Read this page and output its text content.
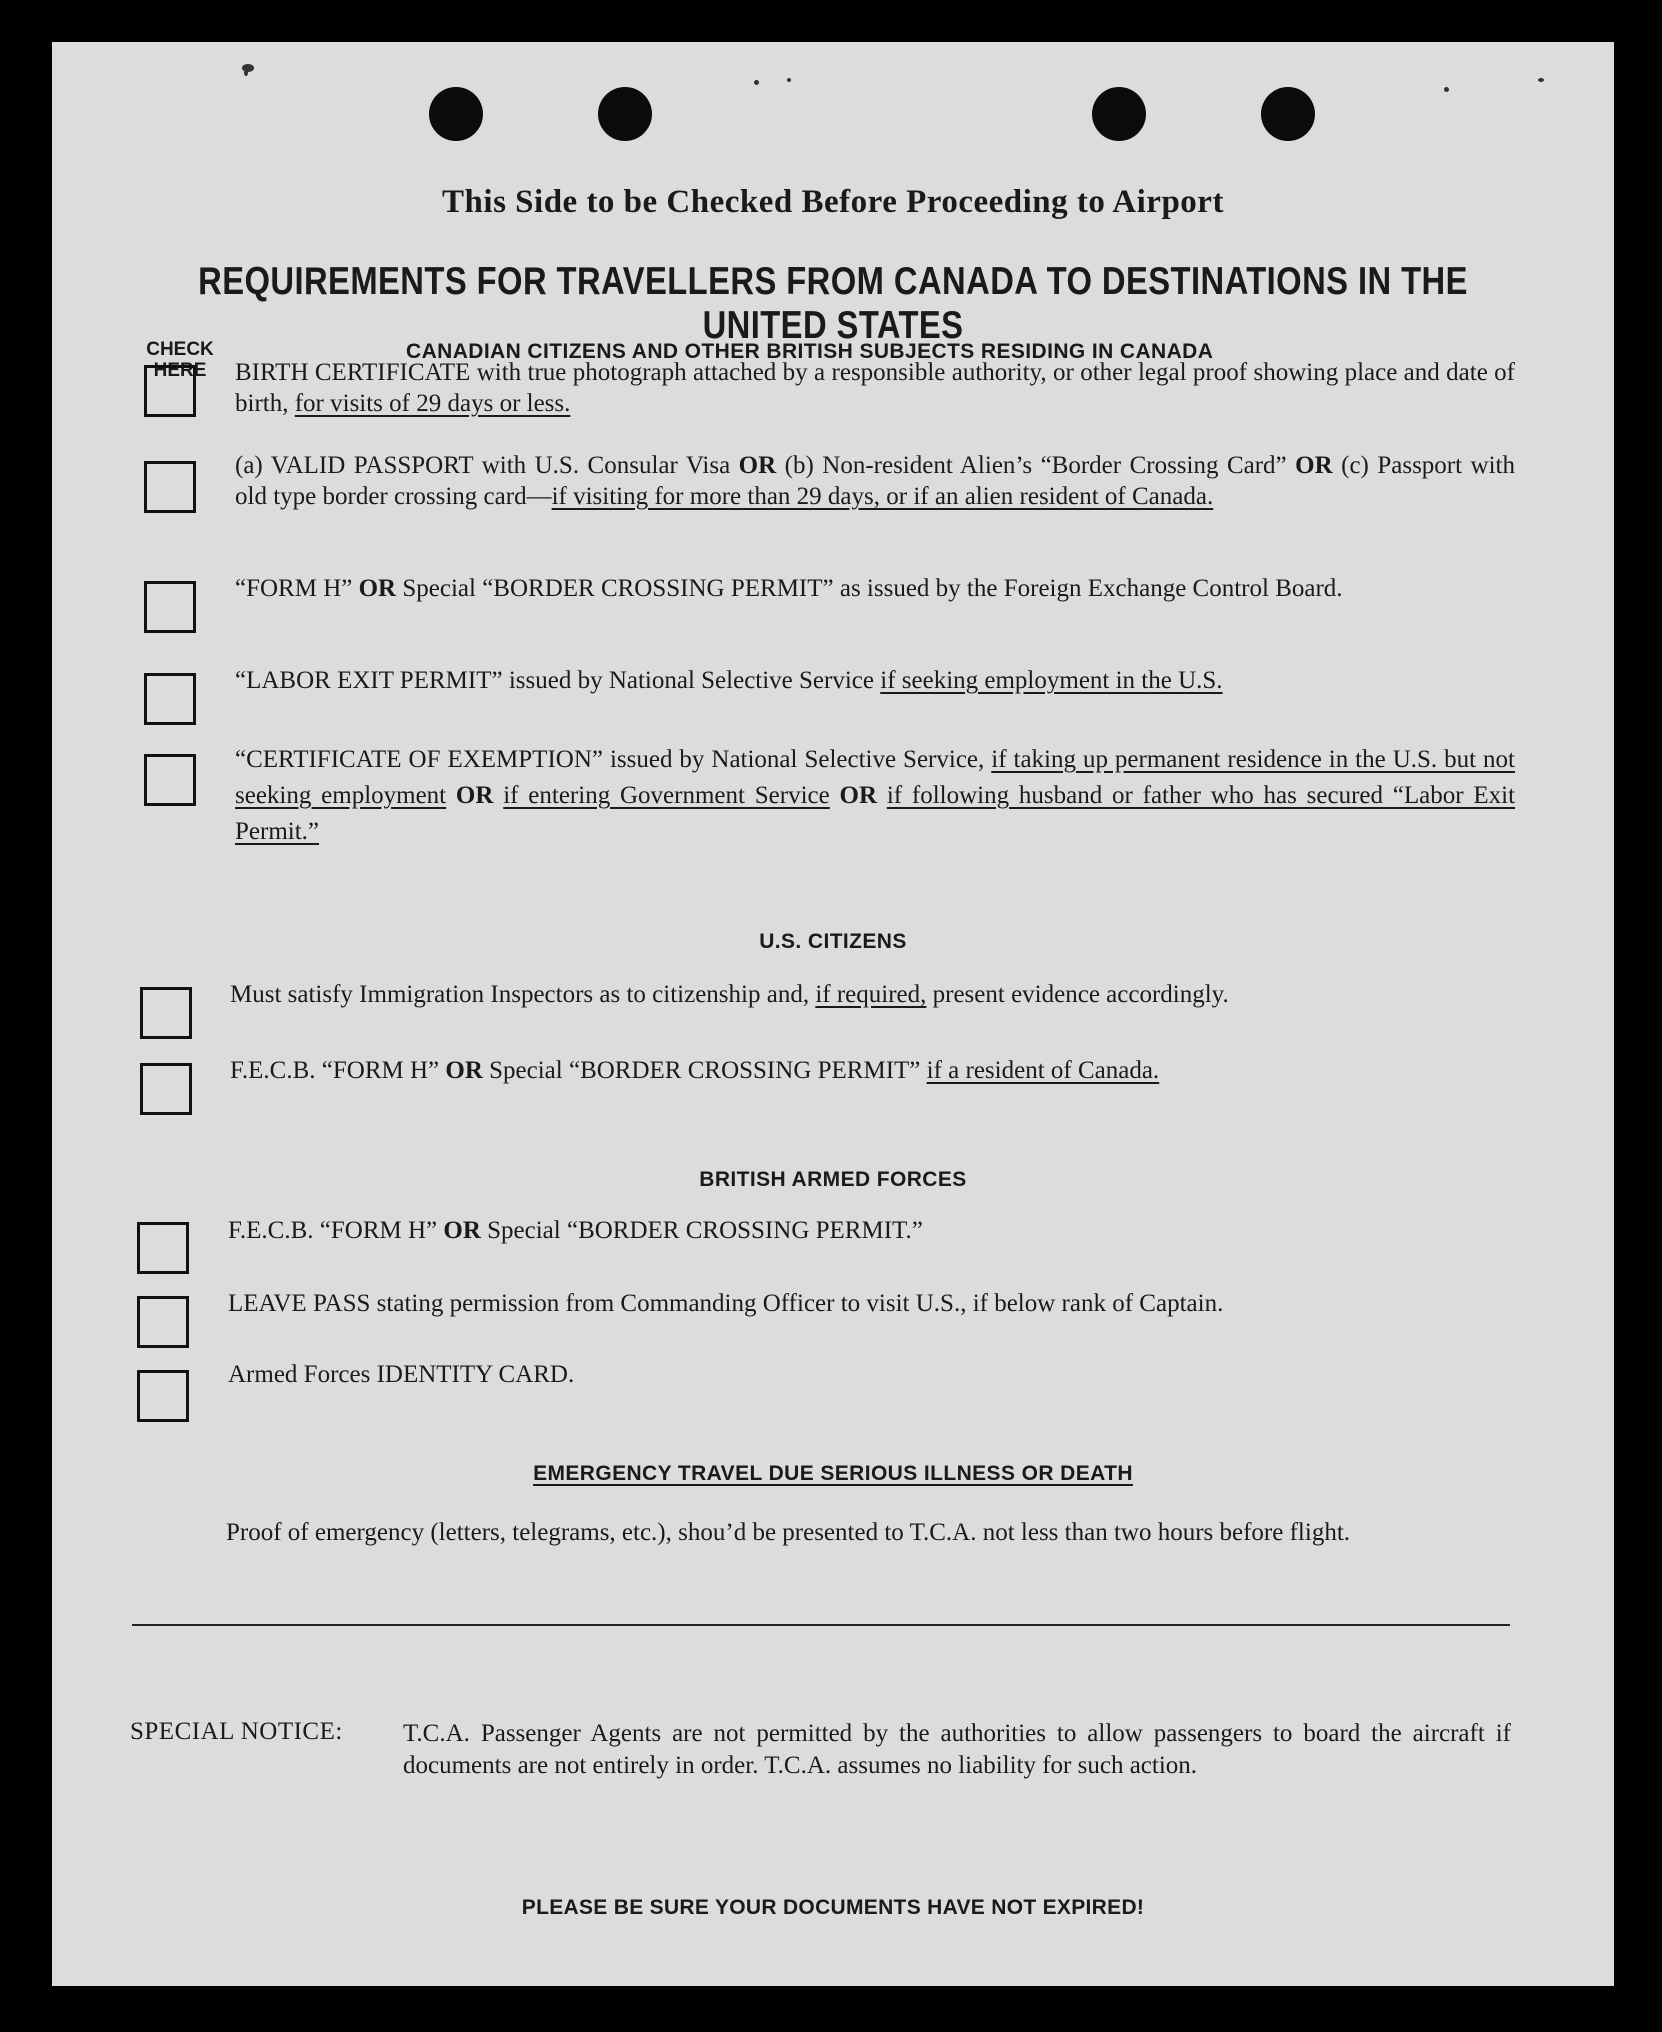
This Side to be Checked Before Proceeding to Airport
REQUIREMENTS FOR TRAVELLERS FROM CANADA TO DESTINATIONS IN THE UNITED STATES
CHECK
HERE
CANADIAN CITIZENS AND OTHER BRITISH SUBJECTS RESIDING IN CANADA
BIRTH CERTIFICATE with true photograph attached by a responsible authority, or other legal proof showing place and date of birth, for visits of 29 days or less.
(a) VALID PASSPORT with U.S. Consular Visa OR (b) Non-resident Alien’s “Border Crossing Card” OR (c) Passport with old type border crossing card—if visiting for more than 29 days, or if an alien resident of Canada.
“FORM H” OR Special “BORDER CROSSING PERMIT” as issued by the Foreign Exchange Control Board.
“LABOR EXIT PERMIT” issued by National Selective Service if seeking employment in the U.S.
“CERTIFICATE OF EXEMPTION” issued by National Selective Service, if taking up permanent residence in the U.S. but not seeking employment OR if entering Government Service OR if following husband or father who has secured “Labor Exit Permit.”
U.S. CITIZENS
Must satisfy Immigration Inspectors as to citizenship and, if required, present evidence accordingly.
F.E.C.B. “FORM H” OR Special “BORDER CROSSING PERMIT” if a resident of Canada.
BRITISH ARMED FORCES
F.E.C.B. “FORM H” OR Special “BORDER CROSSING PERMIT.”
LEAVE PASS stating permission from Commanding Officer to visit U.S., if below rank of Captain.
Armed Forces IDENTITY CARD.
EMERGENCY TRAVEL DUE SERIOUS ILLNESS OR DEATH
Proof of emergency (letters, telegrams, etc.), shou’d be presented to T.C.A. not less than two hours before flight.
SPECIAL NOTICE: T.C.A. Passenger Agents are not permitted by the authorities to allow passengers to board the aircraft if documents are not entirely in order. T.C.A. assumes no liability for such action.
PLEASE BE SURE YOUR DOCUMENTS HAVE NOT EXPIRED!
